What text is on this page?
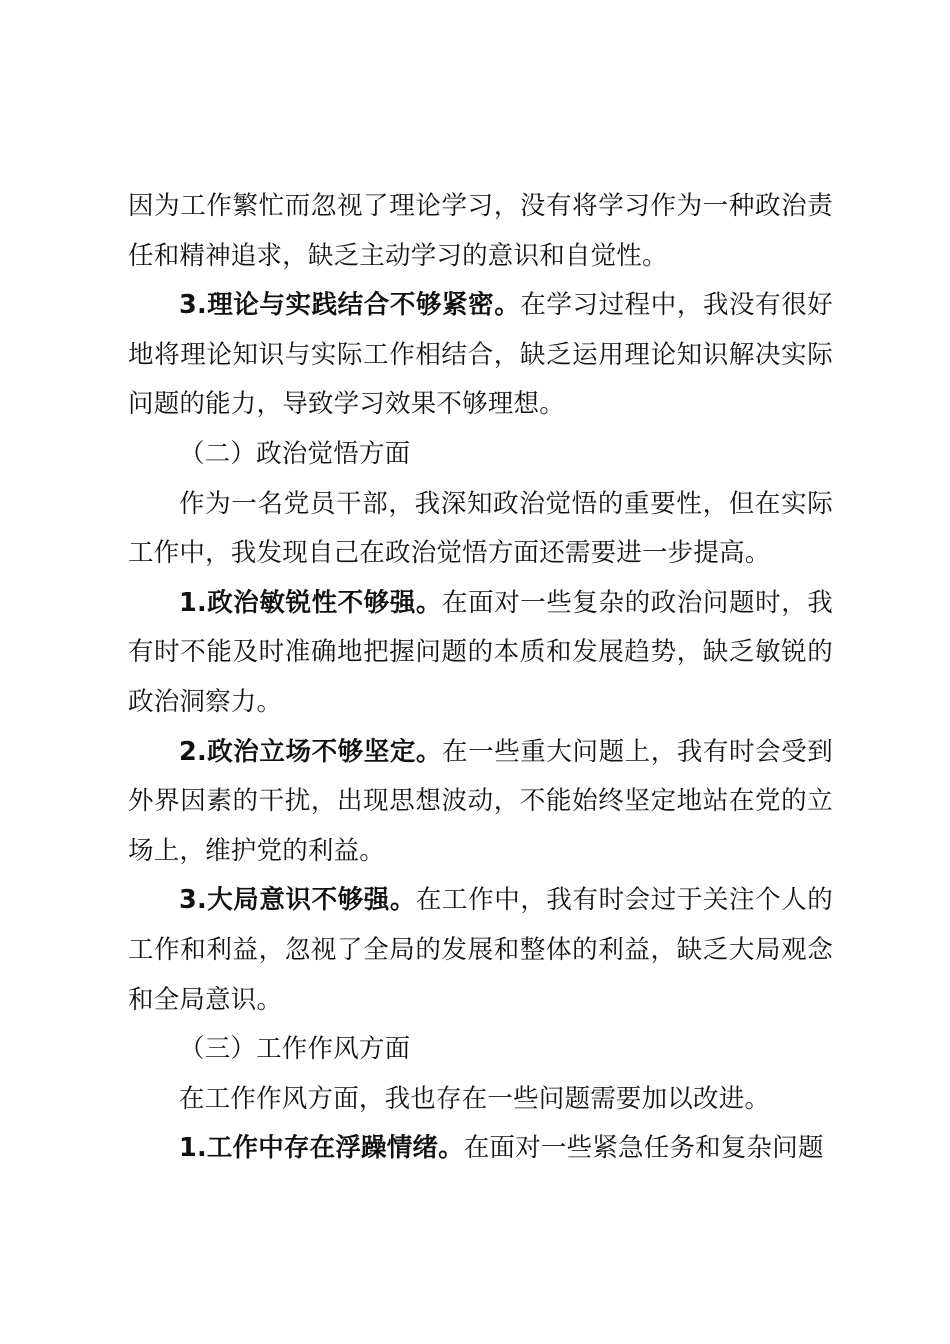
因为工作繁忙而忽视了理论学习，没有将学习作为一种政治责任和精神追求，缺乏主动学习的意识和自觉性。

3.理论与实践结合不够紧密。在学习过程中，我没有很好地将理论知识与实际工作相结合，缺乏运用理论知识解决实际问题的能力，导致学习效果不够理想。

（二）政治觉悟方面

作为一名党员干部，我深知政治觉悟的重要性，但在实际工作中，我发现自己在政治觉悟方面还需要进一步提高。

1.政治敏锐性不够强。在面对一些复杂的政治问题时，我有时不能及时准确地把握问题的本质和发展趋势，缺乏敏锐的政治洞察力。

2.政治立场不够坚定。在一些重大问题上，我有时会受到外界因素的干扰，出现思想波动，不能始终坚定地站在党的立场上，维护党的利益。

3.大局意识不够强。在工作中，我有时会过于关注个人的工作和利益，忽视了全局的发展和整体的利益，缺乏大局观念和全局意识。

（三）工作作风方面

在工作作风方面，我也存在一些问题需要加以改进。

1.工作中存在浮躁情绪。在面对一些紧急任务和复杂问题
